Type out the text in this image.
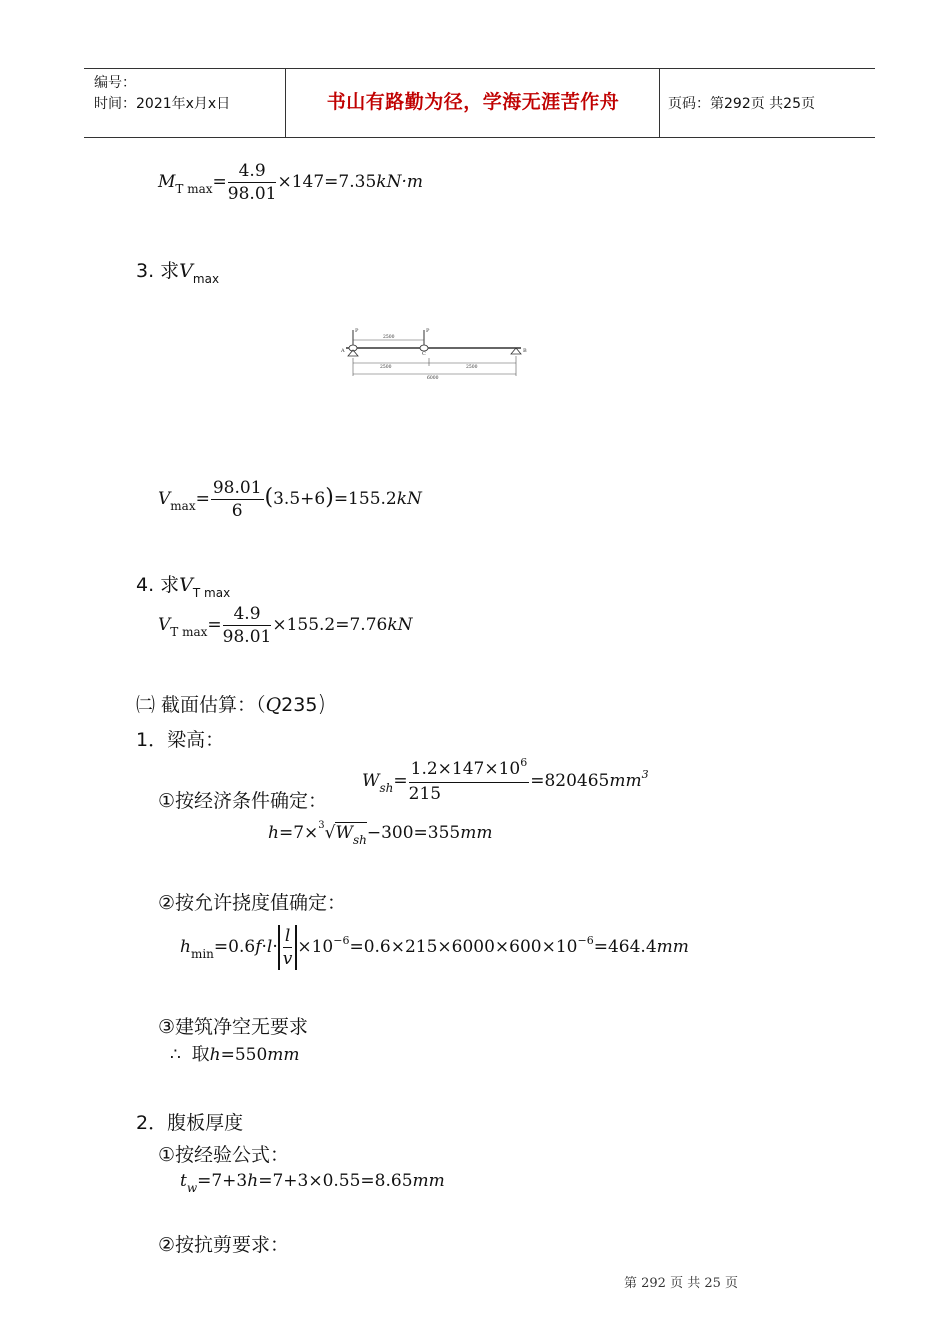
编号：
时间：2021年x月x日	书山有路勤为径，学海无涯苦作舟	页码：第292页 共25页
$M_{T max}= \frac{4.9}{98.01} \times 147=7.35kN\cdot m$
3. 求$V_{max}$
P	P
2500
A	C	B
2500	2500
6000
$V_{max}= \frac{98.01}{6} (3.5+6)=155.2kN$
4. 求$V_{T max}$
$V_{T max}= \frac{4.9}{98.01} \times 155.2=7.76kN$
㈡ 截面估算：（Q235)
1．梁高：
$W_{sh}= \frac{1.2\times 147\times 10^6}{215} =820465mm^3$
①按经济条件确定：
$h=7\times^3√W_{sh}-300=355mm$
②按允许挠度值确定：
$h_{min}=0.6f\cdot l\cdot \frac{l}{v} \times 10^{-6}=0.6\times 215\times 6000\times 600\times 10^{-6}=464.4mm$
③建筑净空无要求
∴ 取h=550mm
2．腹板厚度
①按经验公式：
$t_w=7+3h=7+3\times 0.55=8.65mm$
②按抗剪要求：
第 292 页 共 25 页
